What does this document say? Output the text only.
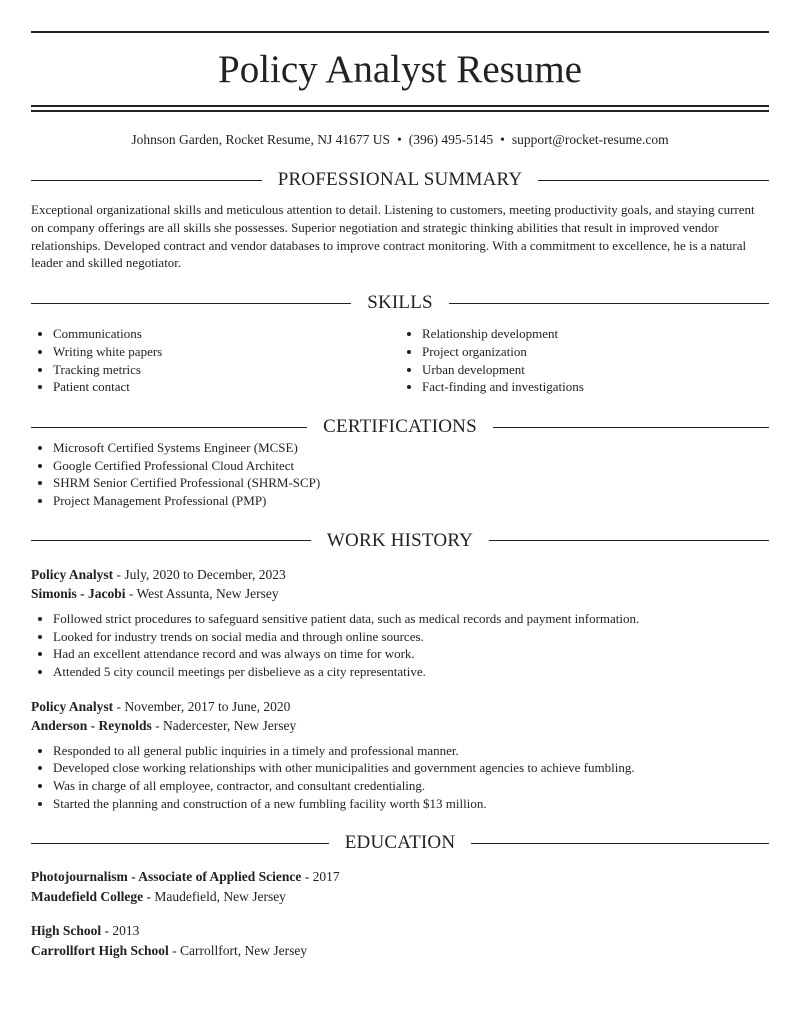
Policy Analyst Resume
Johnson Garden, Rocket Resume, NJ 41677 US • (396) 495-5145 • support@rocket-resume.com
PROFESSIONAL SUMMARY
Exceptional organizational skills and meticulous attention to detail. Listening to customers, meeting productivity goals, and staying current on company offerings are all skills she possesses. Superior negotiation and strategic thinking abilities that result in improved vendor relationships. Developed contract and vendor databases to improve contract monitoring. With a commitment to excellence, he is a natural leader and skilled negotiator.
SKILLS
• Communications
• Writing white papers
• Tracking metrics
• Patient contact
• Relationship development
• Project organization
• Urban development
• Fact-finding and investigations
CERTIFICATIONS
• Microsoft Certified Systems Engineer (MCSE)
• Google Certified Professional Cloud Architect
• SHRM Senior Certified Professional (SHRM-SCP)
• Project Management Professional (PMP)
WORK HISTORY
Policy Analyst - July, 2020 to December, 2023
Simonis - Jacobi - West Assunta, New Jersey
• Followed strict procedures to safeguard sensitive patient data, such as medical records and payment information.
• Looked for industry trends on social media and through online sources.
• Had an excellent attendance record and was always on time for work.
• Attended 5 city council meetings per disbelieve as a city representative.
Policy Analyst - November, 2017 to June, 2020
Anderson - Reynolds - Nadercester, New Jersey
• Responded to all general public inquiries in a timely and professional manner.
• Developed close working relationships with other municipalities and government agencies to achieve fumbling.
• Was in charge of all employee, contractor, and consultant credentialing.
• Started the planning and construction of a new fumbling facility worth $13 million.
EDUCATION
Photojournalism - Associate of Applied Science - 2017
Maudefield College - Maudefield, New Jersey
High School - 2013
Carrollfort High School - Carrollfort, New Jersey
